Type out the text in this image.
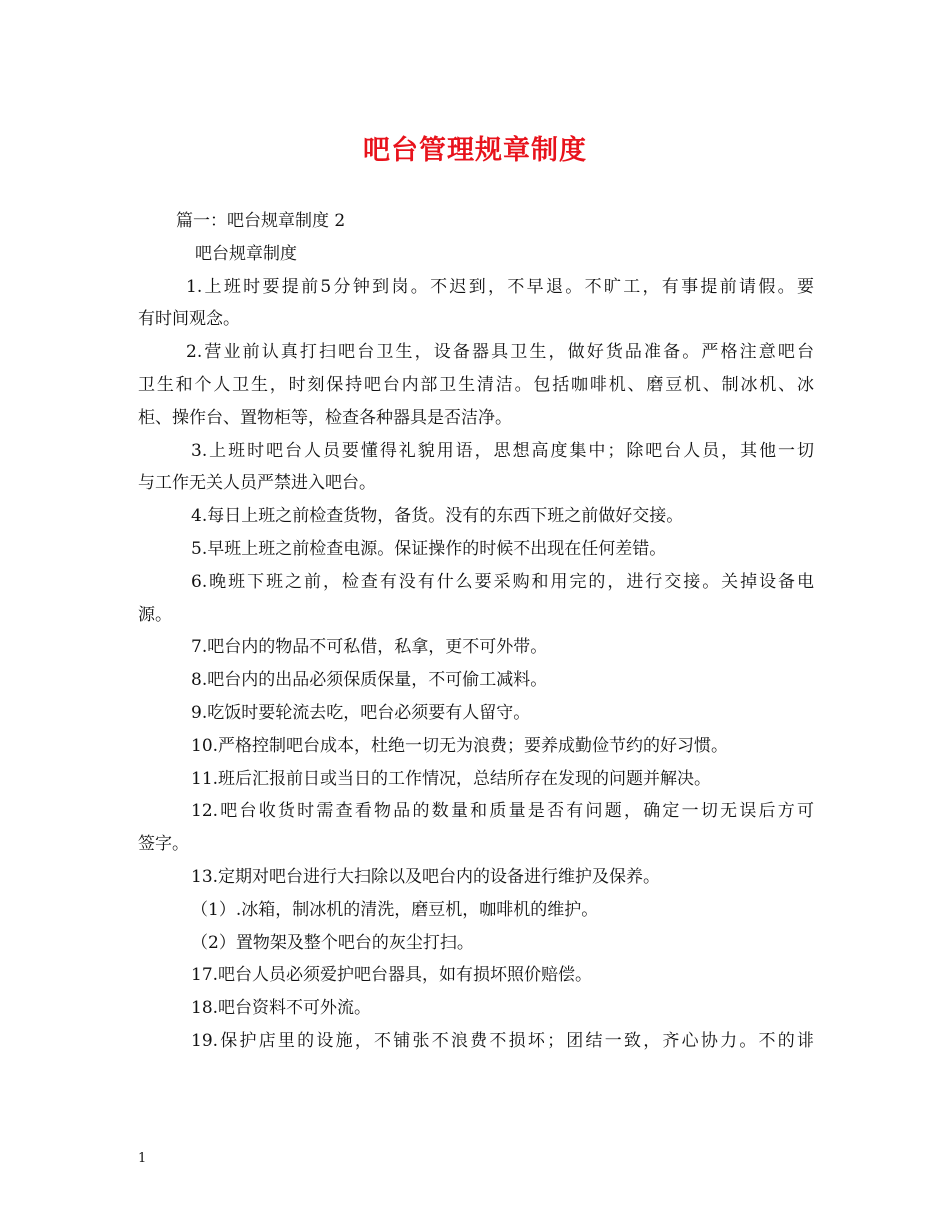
吧台管理规章制度
篇一：吧台规章制度 2
吧台规章制度
1.上班时要提前5分钟到岗。不迟到，不早退。不旷工，有事提前请假。要
有时间观念。
2.营业前认真打扫吧台卫生，设备器具卫生，做好货品准备。严格注意吧台
卫生和个人卫生，时刻保持吧台内部卫生清洁。包括咖啡机、磨豆机、制冰机、冰
柜、操作台、置物柜等，检查各种器具是否洁净。
3.上班时吧台人员要懂得礼貌用语，思想高度集中；除吧台人员，其他一切
与工作无关人员严禁进入吧台。
4.每日上班之前检查货物，备货。没有的东西下班之前做好交接。
5.早班上班之前检查电源。保证操作的时候不出现在任何差错。
6.晚班下班之前，检查有没有什么要采购和用完的，进行交接。关掉设备电
源。
7.吧台内的物品不可私借，私拿，更不可外带。
8.吧台内的出品必须保质保量，不可偷工减料。
9.吃饭时要轮流去吃，吧台必须要有人留守。
10.严格控制吧台成本，杜绝一切无为浪费；要养成勤俭节约的好习惯。
11.班后汇报前日或当日的工作情况，总结所存在发现的问题并解决。
12.吧台收货时需查看物品的数量和质量是否有问题，确定一切无误后方可
签字。
13.定期对吧台进行大扫除以及吧台内的设备进行维护及保养。
（1）.冰箱，制冰机的清洗，磨豆机，咖啡机的维护。
（2）置物架及整个吧台的灰尘打扫。
17.吧台人员必须爱护吧台器具，如有损坏照价赔偿。
18.吧台资料不可外流。
19.保护店里的设施，不铺张不浪费不损坏；团结一致，齐心协力。不的诽
1
